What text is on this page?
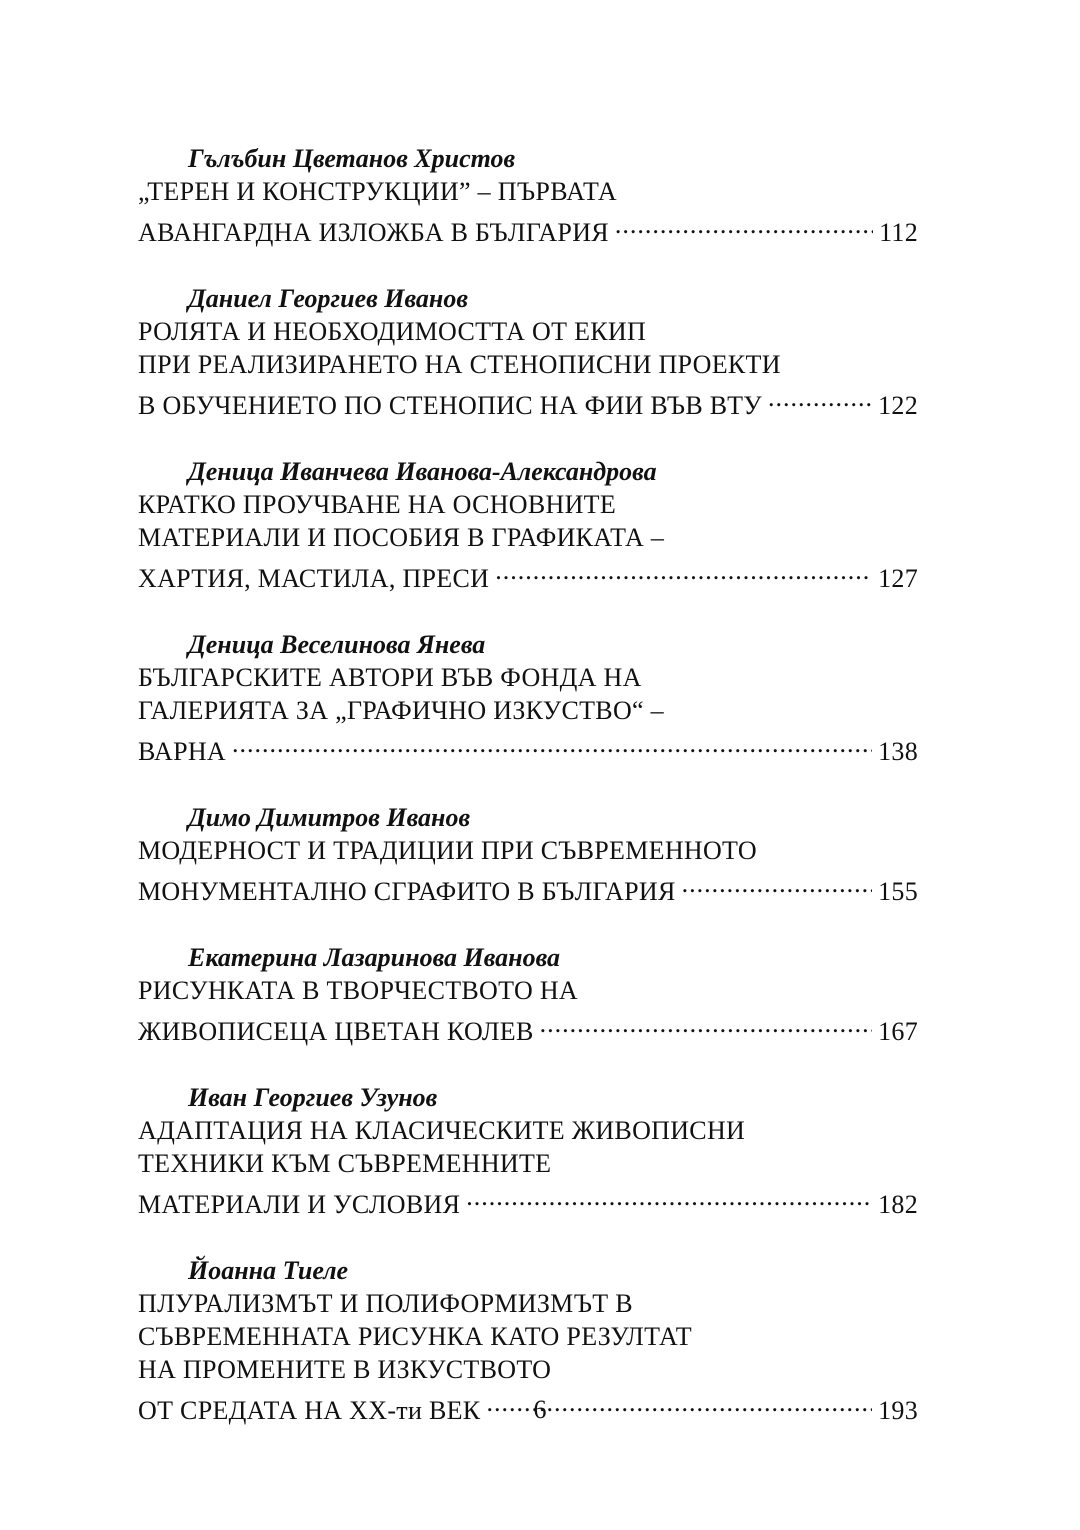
Гълъбин Цветанов Христов
„ТЕРЕН И КОНСТРУКЦИИ” – ПЪРВАТА
АВАНГАРДНА ИЗЛОЖБА В БЪЛГАРИЯ .....	112
Даниел Георгиев Иванов
РОЛЯТА И НЕОБХОДИМОСТТА ОТ ЕКИП
ПРИ РЕАЛИЗИРАНЕТО НА СТЕНОПИСНИ ПРОЕКТИ
В ОБУЧЕНИЕТО ПО СТЕНОПИС НА ФИИ ВЪВ ВТУ .....	122
Деница Иванчева Иванова-Александрова
КРАТКО ПРОУЧВАНЕ НА ОСНОВНИТЕ
МАТЕРИАЛИ И ПОСОБИЯ В ГРАФИКАТА –
ХАРТИЯ, МАСТИЛА, ПРЕСИ .....	127
Деница Веселинова Янева
БЪЛГАРСКИТЕ АВТОРИ ВЪВ ФОНДА НА
ГАЛЕРИЯТА ЗА „ГРАФИЧНО ИЗКУСТВО“ –
ВАРНА .....	138
Димо Димитров Иванов
МОДЕРНОСТ И ТРАДИЦИИ ПРИ СЪВРЕМЕННОТО
МОНУМЕНТАЛНО СГРАФИТО В БЪЛГАРИЯ .....	155
Екатерина Лазаринова Иванова
РИСУНКАТА В ТВОРЧЕСТВОТО НА
ЖИВОПИСЕЦА ЦВЕТАН КОЛЕВ .....	167
Иван Георгиев Узунов
АДАПТАЦИЯ НА КЛАСИЧЕСКИТЕ ЖИВОПИСНИ
ТЕХНИКИ КЪМ СЪВРЕМЕННИТЕ
МАТЕРИАЛИ И УСЛОВИЯ .....	182
Йоанна Тиеле
ПЛУРАЛИЗМЪТ И ПОЛИФОРМИЗМЪТ В
СЪВРЕМЕННАТА РИСУНКА КАТО РЕЗУЛТАТ
НА ПРОМЕНИТЕ В ИЗКУСТВОТО
ОТ СРЕДАТА НА XX-ти ВЕК .....	193
6
